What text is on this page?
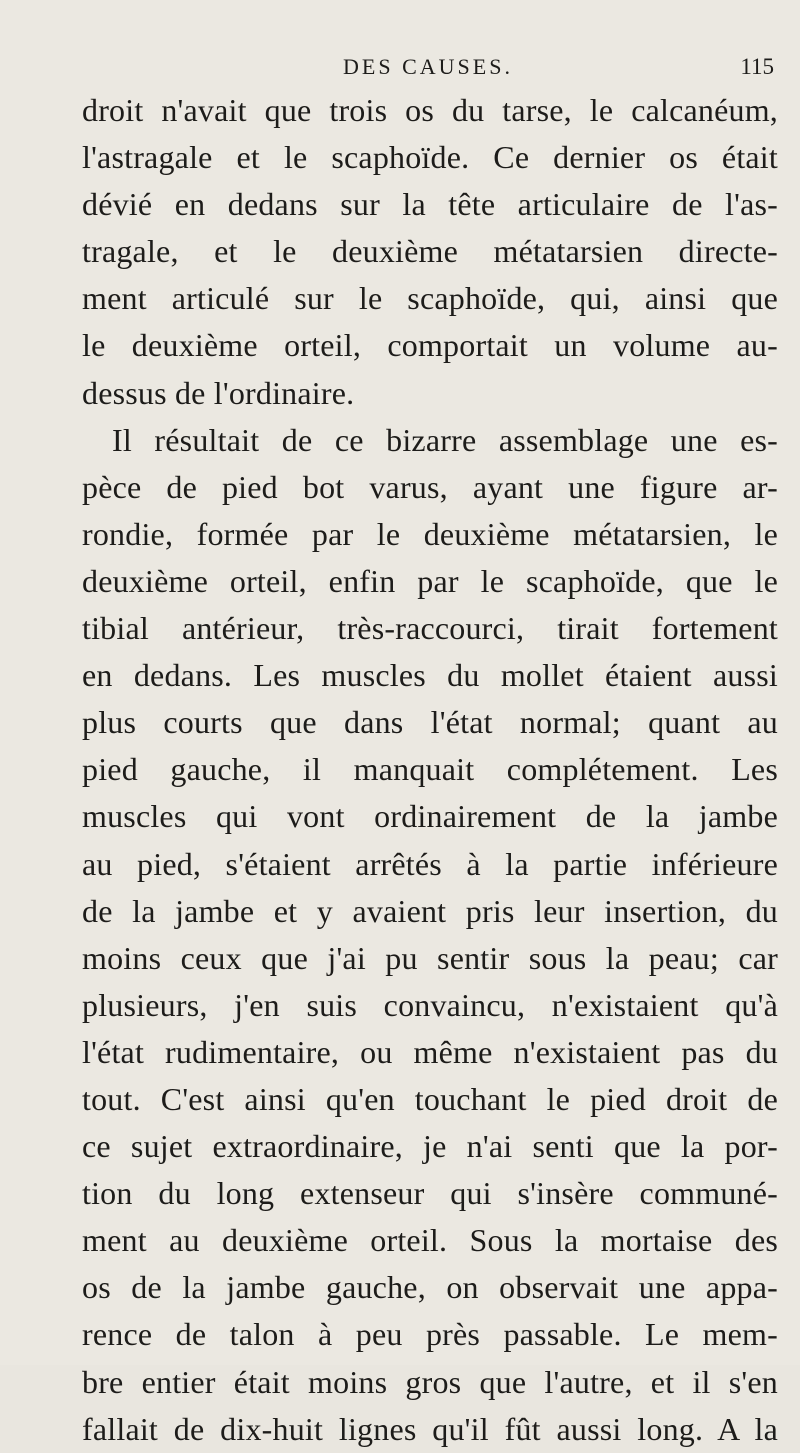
DES CAUSES.	115
droit n'avait que trois os du tarse, le calcanéum,
l'astragale et le scaphoïde. Ce dernier os était
dévié en dedans sur la tête articulaire de l'as-
tragale, et le deuxième métatarsien directe-
ment articulé sur le scaphoïde, qui, ainsi que
le deuxième orteil, comportait un volume au-
dessus de l'ordinaire.
Il résultait de ce bizarre assemblage une es-
pèce de pied bot varus, ayant une figure ar-
rondie, formée par le deuxième métatarsien, le
deuxième orteil, enfin par le scaphoïde, que le
tibial antérieur, très-raccourci, tirait fortement
en dedans. Les muscles du mollet étaient aussi
plus courts que dans l'état normal; quant au
pied gauche, il manquait complétement. Les
muscles qui vont ordinairement de la jambe
au pied, s'étaient arrêtés à la partie inférieure
de la jambe et y avaient pris leur insertion, du
moins ceux que j'ai pu sentir sous la peau; car
plusieurs, j'en suis convaincu, n'existaient qu'à
l'état rudimentaire, ou même n'existaient pas du
tout. C'est ainsi qu'en touchant le pied droit de
ce sujet extraordinaire, je n'ai senti que la por-
tion du long extenseur qui s'insère communé-
ment au deuxième orteil. Sous la mortaise des
os de la jambe gauche, on observait une appa-
rence de talon à peu près passable. Le mem-
bre entier était moins gros que l'autre, et il s'en
fallait de dix-huit lignes qu'il fût aussi long. A la
